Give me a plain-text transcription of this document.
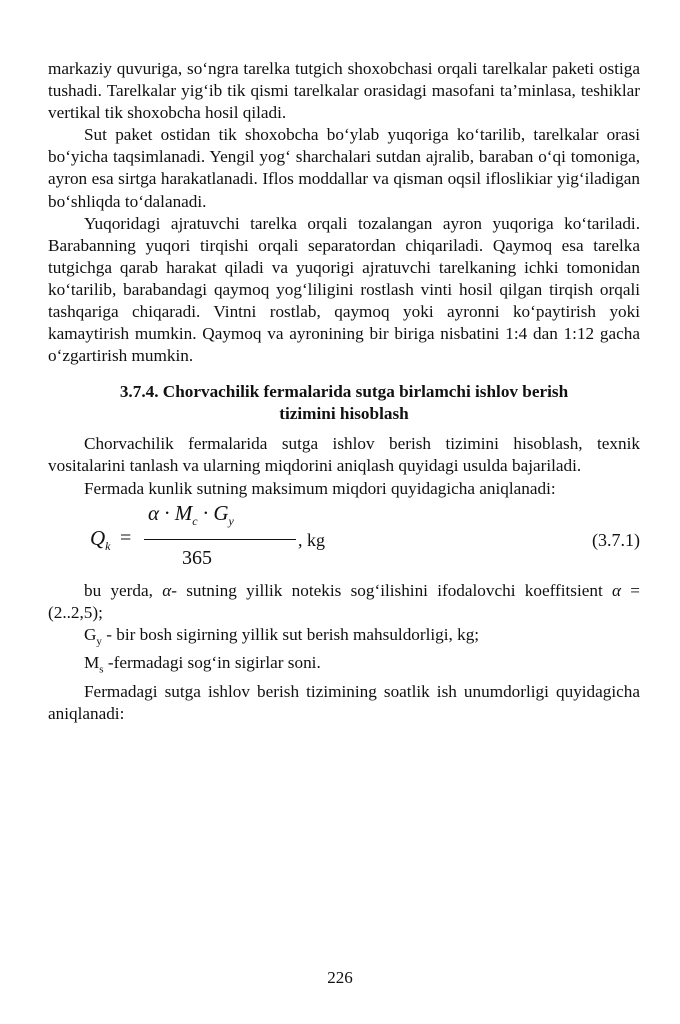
markaziy quvuriga, so‘ngra tarelka tutgich shoxobchasi orqali tarelkalar paketi ostiga tushadi. Tarelkalar yig‘ib tik qismi tarelkalar orasidagi masofani ta’minlasa, teshiklar vertikal tik shoxobcha hosil qiladi.

Sut paket ostidan tik shoxobcha bo‘ylab yuqoriga ko‘tarilib, tarelkalar orasi bo‘yicha taqsimlanadi. Yengil yog‘ sharchalari sutdan ajralib, baraban o‘qi tomoniga, ayron esa sirtga harakatlanadi. Iflos moddallar va qisman oqsil ifloslikiar yig‘iladigan bo‘shliqda to‘dalanadi.

Yuqoridagi ajratuvchi tarelka orqali tozalangan ayron yuqoriga ko‘tariladi. Barabanning yuqori tirqishi orqali separatordan chiqariladi. Qaymoq esa tarelka tutgichga qarab harakat qiladi va yuqorigi ajratuvchi tarelkaning ichki tomonidan ko‘tarilib, barabandagi qaymoq yog‘liligini rostlash vinti hosil qilgan tirqish orqali tashqariga chiqaradi. Vintni rostlab, qaymoq yoki ayronni ko‘paytirish yoki kamaytirish mumkin. Qaymoq va ayronining bir biriga nisbatini 1:4 dan 1:12 gacha o‘zgartirish mumkin.

3.7.4. Chorvachilik fermalarida sutga birlamchi ishlov berish
tizimini hisoblash

Chorvachilik fermalarida sutga ishlov berish tizimini hisoblash, texnik vositalarini tanlash va ularning miqdorini aniqlash quyidagi usulda bajariladi.

Fermada kunlik sutning maksimum miqdori quyidagicha aniqlanadi:

$Q_k$ =
$\alpha \cdot M_c \cdot G_y$
365
, kg	(3.7.1)

bu yerda, α- sutning yillik notekis sog‘ilishini ifodalovchi koeffitsient α =(2..2,5);

$G_y$ - bir bosh sigirning yillik sut berish mahsuldorligi, kg;

$M_s$ -fermadagi sog‘in sigirlar soni.

Fermadagi sutga ishlov berish tizimining soatlik ish unumdorligi quyidagicha aniqlanadi:

226
